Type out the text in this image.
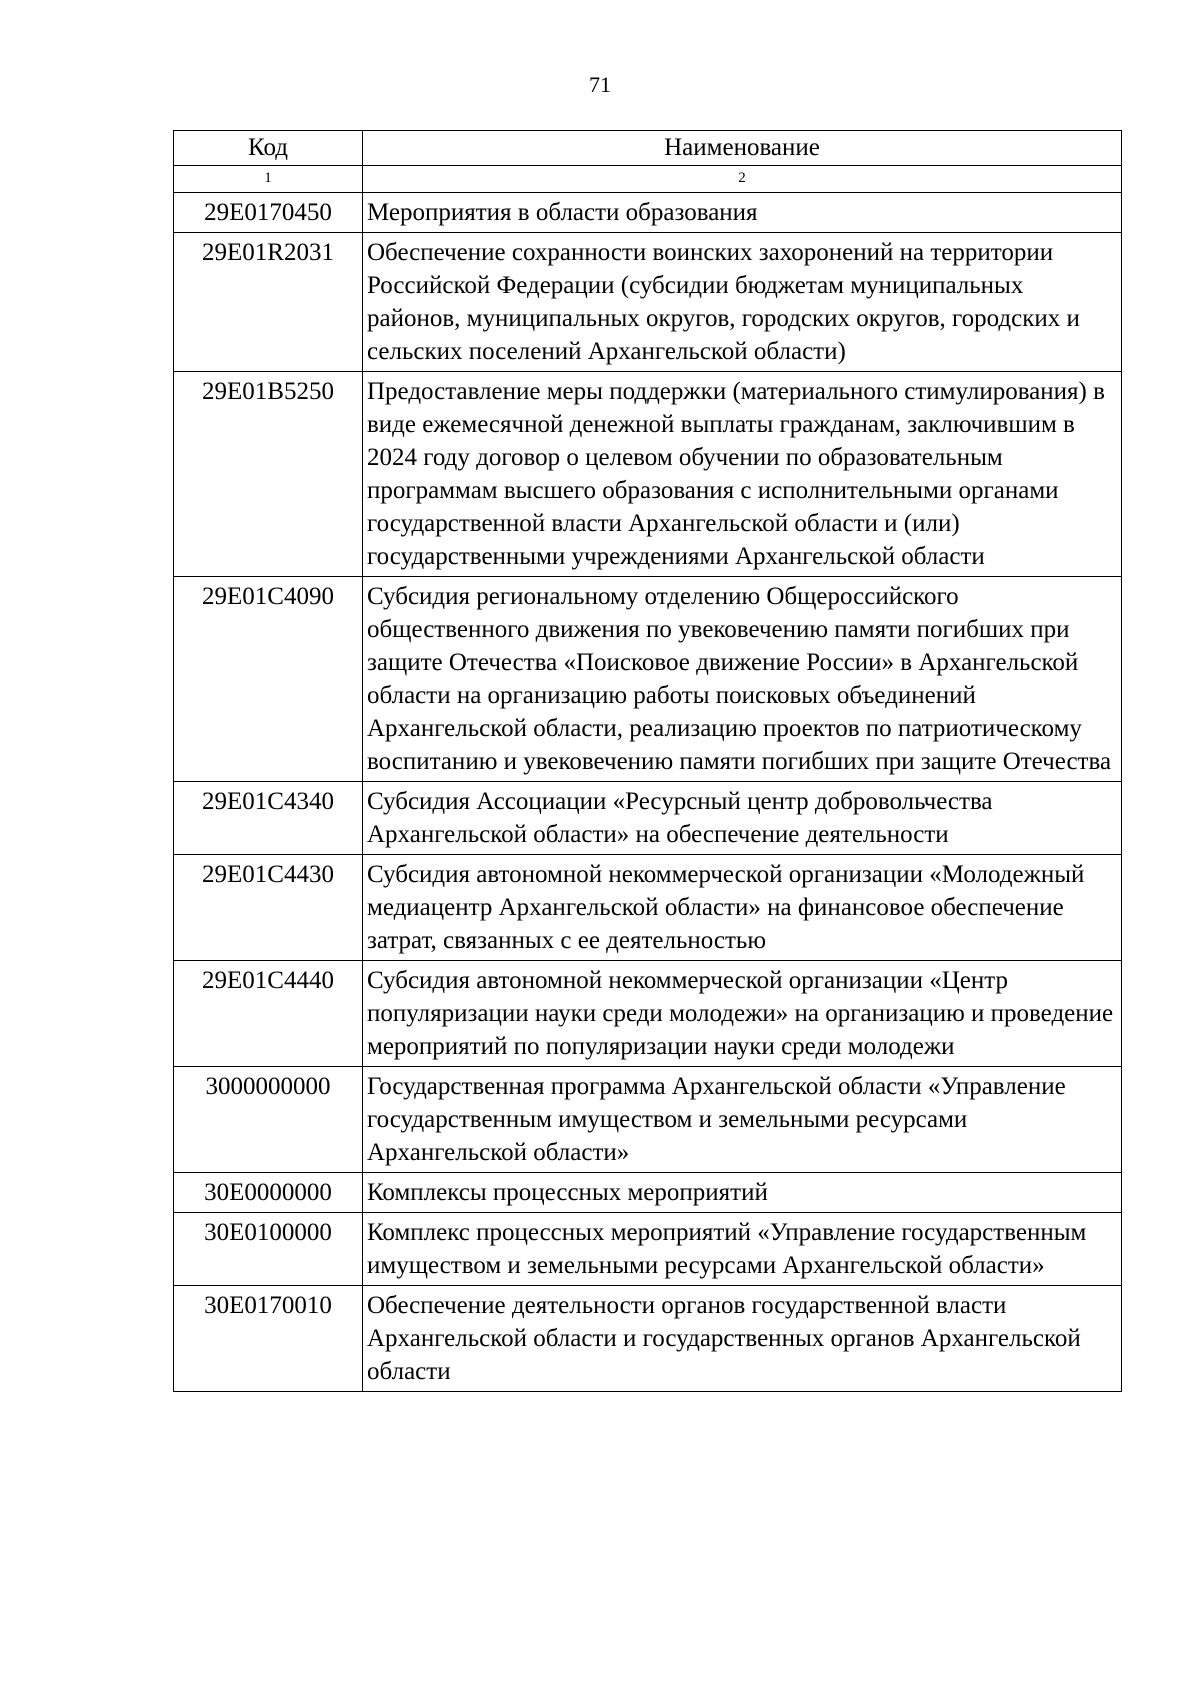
71
Код	Наименование
1	2
29E0170450	Мероприятия в области образования
29E01R2031	Обеспечение сохранности воинских захоронений на территории Российской Федерации (субсидии бюджетам муниципальных районов, муниципальных округов, городских округов, городских и сельских поселений Архангельской области)
29E01B5250	Предоставление меры поддержки (материального стимулирования) в виде ежемесячной денежной выплаты гражданам, заключившим в 2024 году договор о целевом обучении по образовательным программам высшего образования с исполнительными органами государственной власти Архангельской области и (или) государственными учреждениями Архангельской области
29E01C4090	Субсидия региональному отделению Общероссийского общественного движения по увековечению памяти погибших при защите Отечества «Поисковое движение России» в Архангельской области на организацию работы поисковых объединений Архангельской области, реализацию проектов по патриотическому воспитанию и увековечению памяти погибших при защите Отечества
29E01C4340	Субсидия Ассоциации «Ресурсный центр добровольчества Архангельской области» на обеспечение деятельности
29E01C4430	Субсидия автономной некоммерческой организации «Молодежный медиацентр Архангельской области» на финансовое обеспечение затрат, связанных с ее деятельностью
29E01C4440	Субсидия автономной некоммерческой организации «Центр популяризации науки среди молодежи» на организацию и проведение мероприятий по популяризации науки среди молодежи
3000000000	Государственная программа Архангельской области «Управление государственным имуществом и земельными ресурсами Архангельской области»
30E0000000	Комплексы процессных мероприятий
30E0100000	Комплекс процессных мероприятий «Управление государственным имуществом и земельными ресурсами Архангельской области»
30E0170010	Обеспечение деятельности органов государственной власти Архангельской области и государственных органов Архангельской области
